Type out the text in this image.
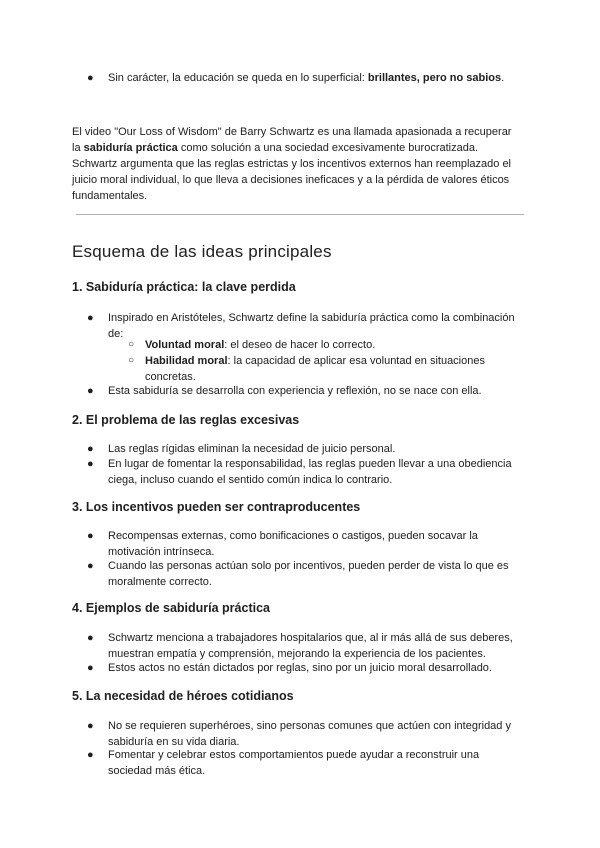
● Sin carácter, la educación se queda en lo superficial: brillantes, pero no sabios.
El video "Our Loss of Wisdom" de Barry Schwartz es una llamada apasionada a recuperar
la sabiduría práctica como solución a una sociedad excesivamente burocratizada.
Schwartz argumenta que las reglas estrictas y los incentivos externos han reemplazado el
juicio moral individual, lo que lleva a decisiones ineficaces y a la pérdida de valores éticos
fundamentales.
Esquema de las ideas principales
1. Sabiduría práctica: la clave perdida
● Inspirado en Aristóteles, Schwartz define la sabiduría práctica como la combinación
de:
○ Voluntad moral: el deseo de hacer lo correcto.
○ Habilidad moral: la capacidad de aplicar esa voluntad en situaciones
concretas.
● Esta sabiduría se desarrolla con experiencia y reflexión, no se nace con ella.
2. El problema de las reglas excesivas
● Las reglas rígidas eliminan la necesidad de juicio personal.
● En lugar de fomentar la responsabilidad, las reglas pueden llevar a una obediencia
ciega, incluso cuando el sentido común indica lo contrario.
3. Los incentivos pueden ser contraproducentes
● Recompensas externas, como bonificaciones o castigos, pueden socavar la
motivación intrínseca.
● Cuando las personas actúan solo por incentivos, pueden perder de vista lo que es
moralmente correcto.
4. Ejemplos de sabiduría práctica
● Schwartz menciona a trabajadores hospitalarios que, al ir más allá de sus deberes,
muestran empatía y comprensión, mejorando la experiencia de los pacientes.
● Estos actos no están dictados por reglas, sino por un juicio moral desarrollado.
5. La necesidad de héroes cotidianos
● No se requieren superhéroes, sino personas comunes que actúen con integridad y
sabiduría en su vida diaria.
● Fomentar y celebrar estos comportamientos puede ayudar a reconstruir una
sociedad más ética.
